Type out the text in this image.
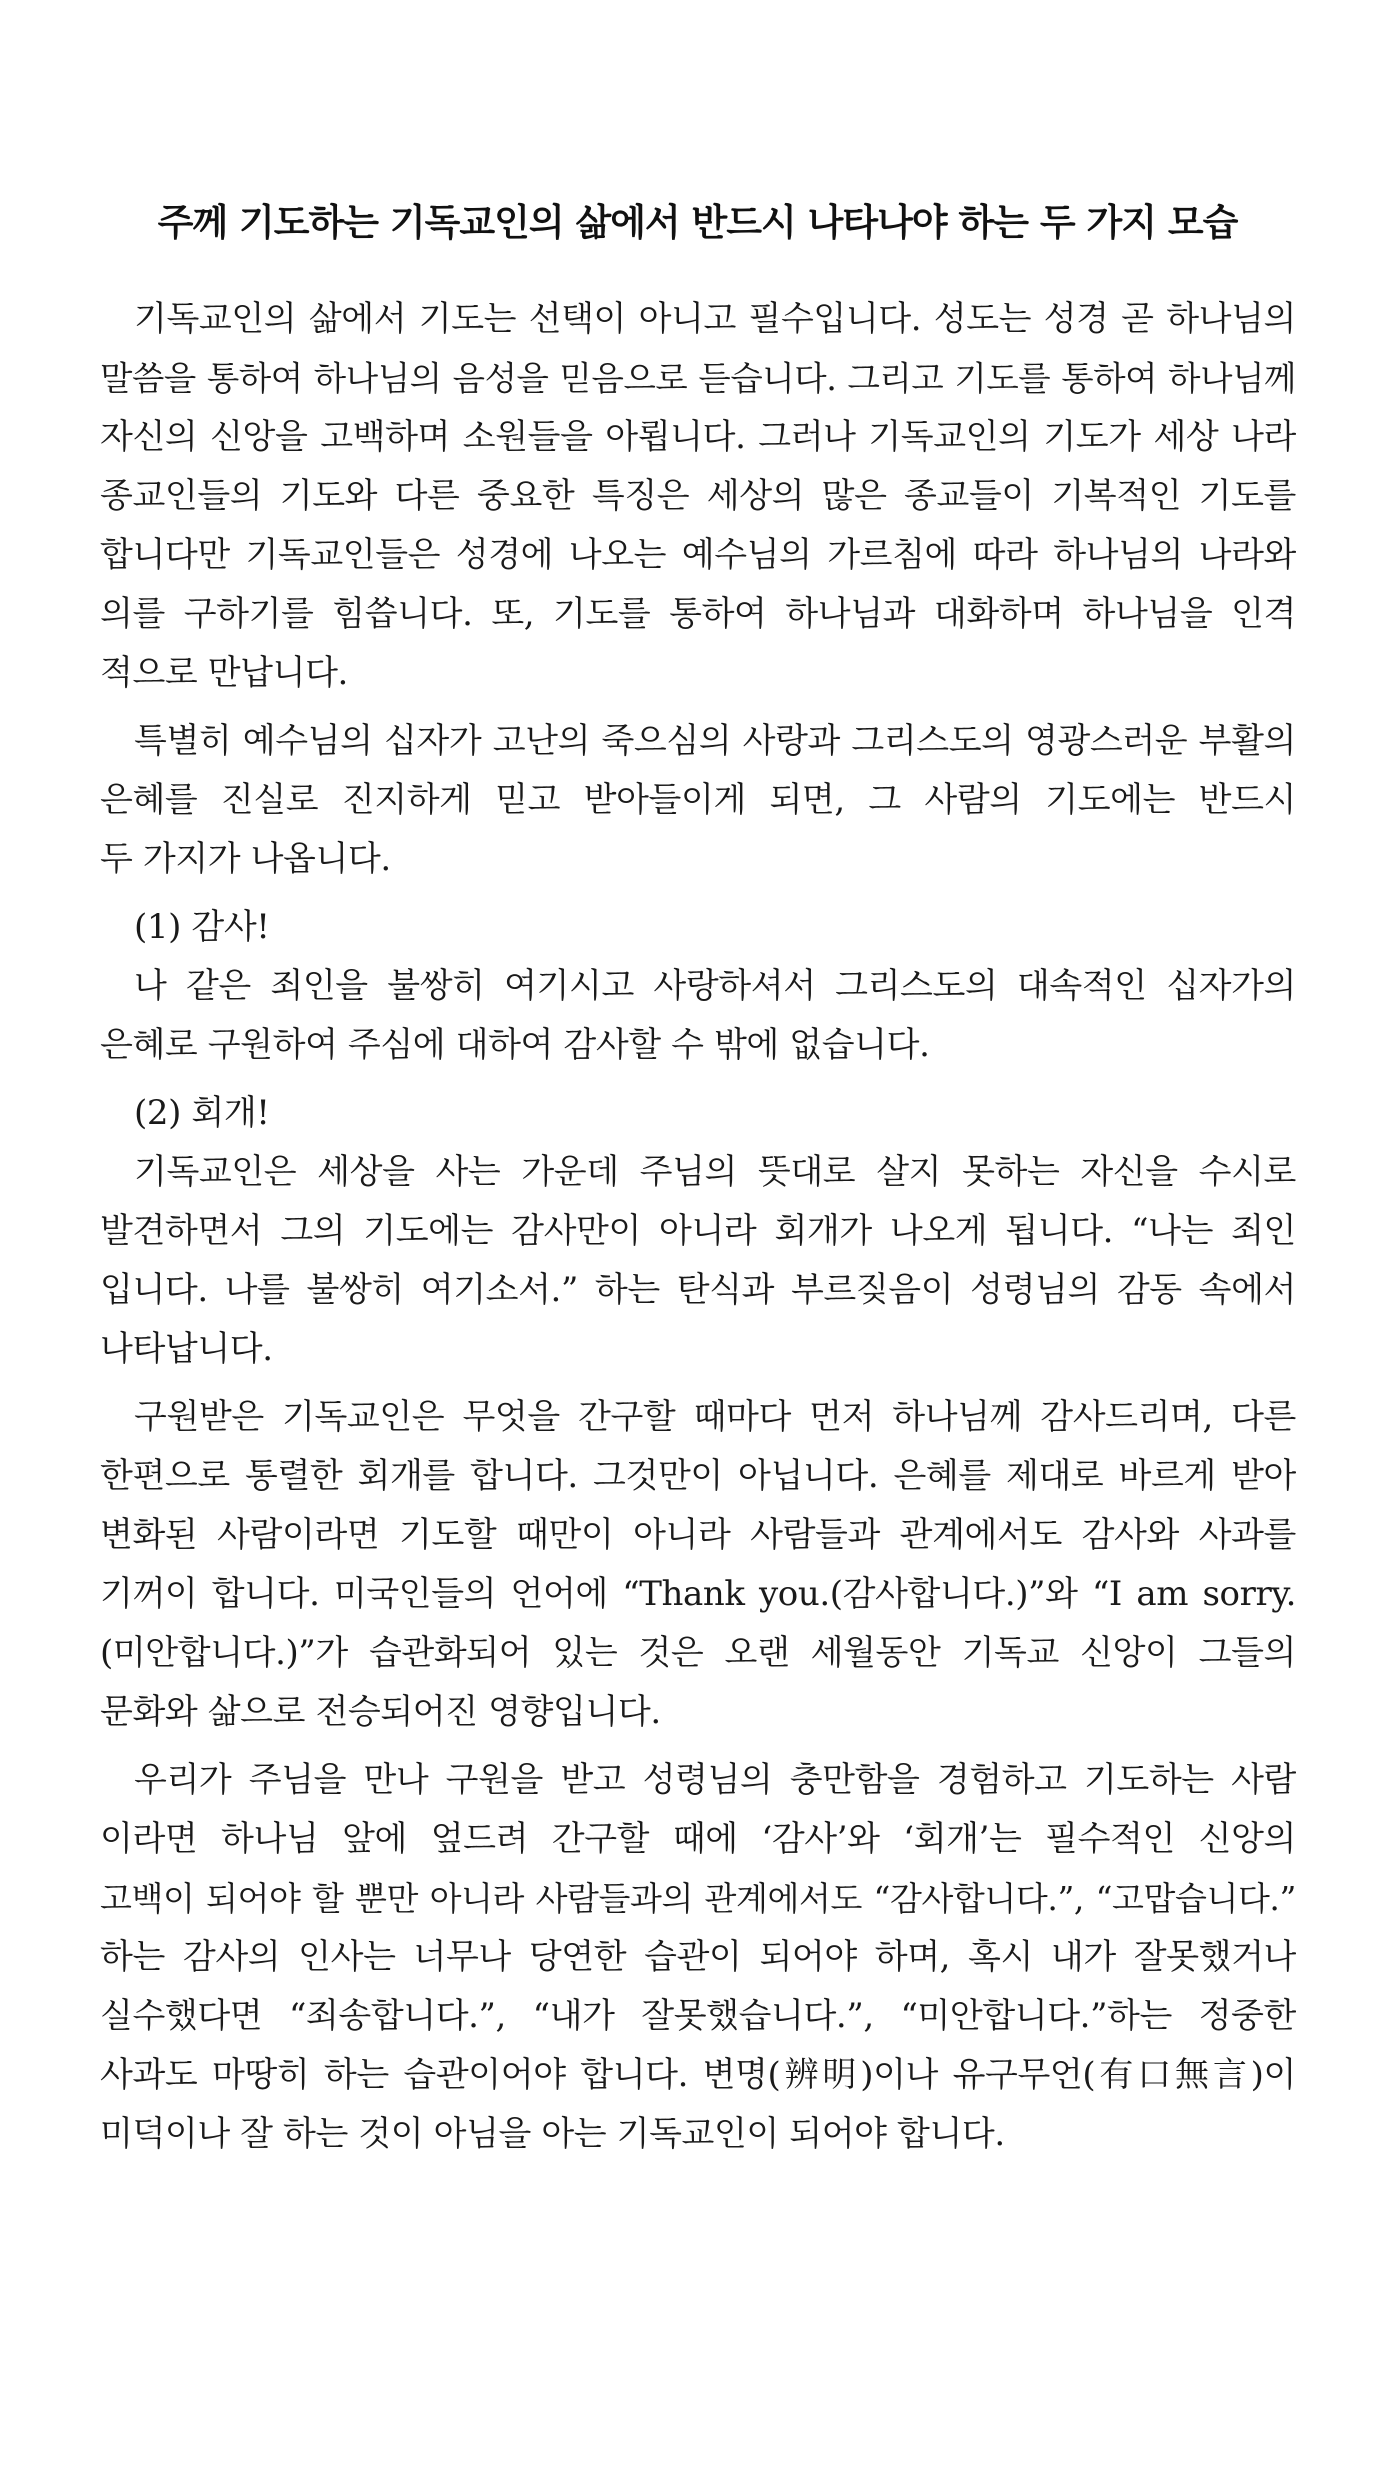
주께 기도하는 기독교인의 삶에서 반드시 나타나야 하는 두 가지 모습
기독교인의 삶에서 기도는 선택이 아니고 필수입니다. 성도는 성경 곧 하나님의
말씀을 통하여 하나님의 음성을 믿음으로 듣습니다. 그리고 기도를 통하여 하나님께
자신의 신앙을 고백하며 소원들을 아룁니다. 그러나 기독교인의 기도가 세상 나라
종교인들의 기도와 다른 중요한 특징은 세상의 많은 종교들이 기복적인 기도를
합니다만 기독교인들은 성경에 나오는 예수님의 가르침에 따라 하나님의 나라와
의를 구하기를 힘씁니다. 또, 기도를 통하여 하나님과 대화하며 하나님을 인격
적으로 만납니다.
특별히 예수님의 십자가 고난의 죽으심의 사랑과 그리스도의 영광스러운 부활의
은혜를 진실로 진지하게 믿고 받아들이게 되면, 그 사람의 기도에는 반드시
두 가지가 나옵니다.
(1) 감사!
나 같은 죄인을 불쌍히 여기시고 사랑하셔서 그리스도의 대속적인 십자가의
은혜로 구원하여 주심에 대하여 감사할 수 밖에 없습니다.
(2) 회개!
기독교인은 세상을 사는 가운데 주님의 뜻대로 살지 못하는 자신을 수시로
발견하면서 그의 기도에는 감사만이 아니라 회개가 나오게 됩니다. “나는 죄인
입니다. 나를 불쌍히 여기소서.” 하는 탄식과 부르짖음이 성령님의 감동 속에서
나타납니다.
구원받은 기독교인은 무엇을 간구할 때마다 먼저 하나님께 감사드리며, 다른
한편으로 통렬한 회개를 합니다. 그것만이 아닙니다. 은혜를 제대로 바르게 받아
변화된 사람이라면 기도할 때만이 아니라 사람들과 관계에서도 감사와 사과를
기꺼이 합니다. 미국인들의 언어에 “Thank you.(감사합니다.)”와 “I am sorry.
(미안합니다.)”가 습관화되어 있는 것은 오랜 세월동안 기독교 신앙이 그들의
문화와 삶으로 전승되어진 영향입니다.
우리가 주님을 만나 구원을 받고 성령님의 충만함을 경험하고 기도하는 사람
이라면 하나님 앞에 엎드려 간구할 때에 ‘감사’와 ‘회개’는 필수적인 신앙의
고백이 되어야 할 뿐만 아니라 사람들과의 관계에서도 “감사합니다.”, “고맙습니다.”
하는 감사의 인사는 너무나 당연한 습관이 되어야 하며, 혹시 내가 잘못했거나
실수했다면 “죄송합니다.”, “내가 잘못했습니다.”, “미안합니다.”하는 정중한
사과도 마땅히 하는 습관이어야 합니다. 변명(辨明)이나 유구무언(有口無言)이
미덕이나 잘 하는 것이 아님을 아는 기독교인이 되어야 합니다.
